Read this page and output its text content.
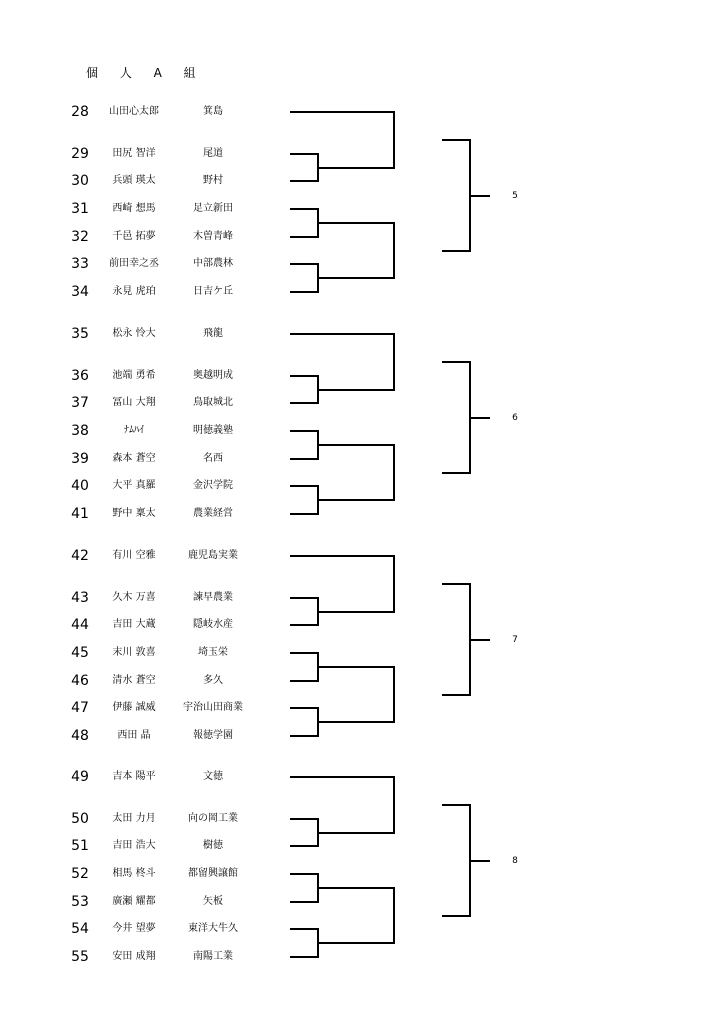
個 人 A 組
28	山田心太郎	箕島
29	田尻 智洋	尾道
30	兵頭 瑛太	野村
31	西崎 想馬	足立新田
32	千邑 拓夢	木曽青峰
33	前田幸之丞	中部農林
34	永見 虎珀	日吉ケ丘
35	松永 怜大	飛龍
36	池端 勇希	奥越明成
37	冨山 大翔	鳥取城北
38	ﾅﾑﾊｲ	明徳義塾
39	森本 蒼空	名西
40	大平 真羅	金沢学院
41	野中 稟太	農業経営
42	有川 空雅	鹿児島実業
43	久木 万喜	諫早農業
44	吉田 大蔵	隠岐水産
45	末川 敦喜	埼玉栄
46	清水 蒼空	多久
47	伊藤 誠威	宇治山田商業
48	西田 晶	報徳学園
49	吉本 陽平	文徳
50	太田 力月	向の岡工業
51	吉田 浩大	樹徳
52	相馬 柊斗	都留興譲館
53	廣瀬 耀都	矢板
54	今井 望夢	東洋大牛久
55	安田 成翔	南陽工業
5
6
7
8
